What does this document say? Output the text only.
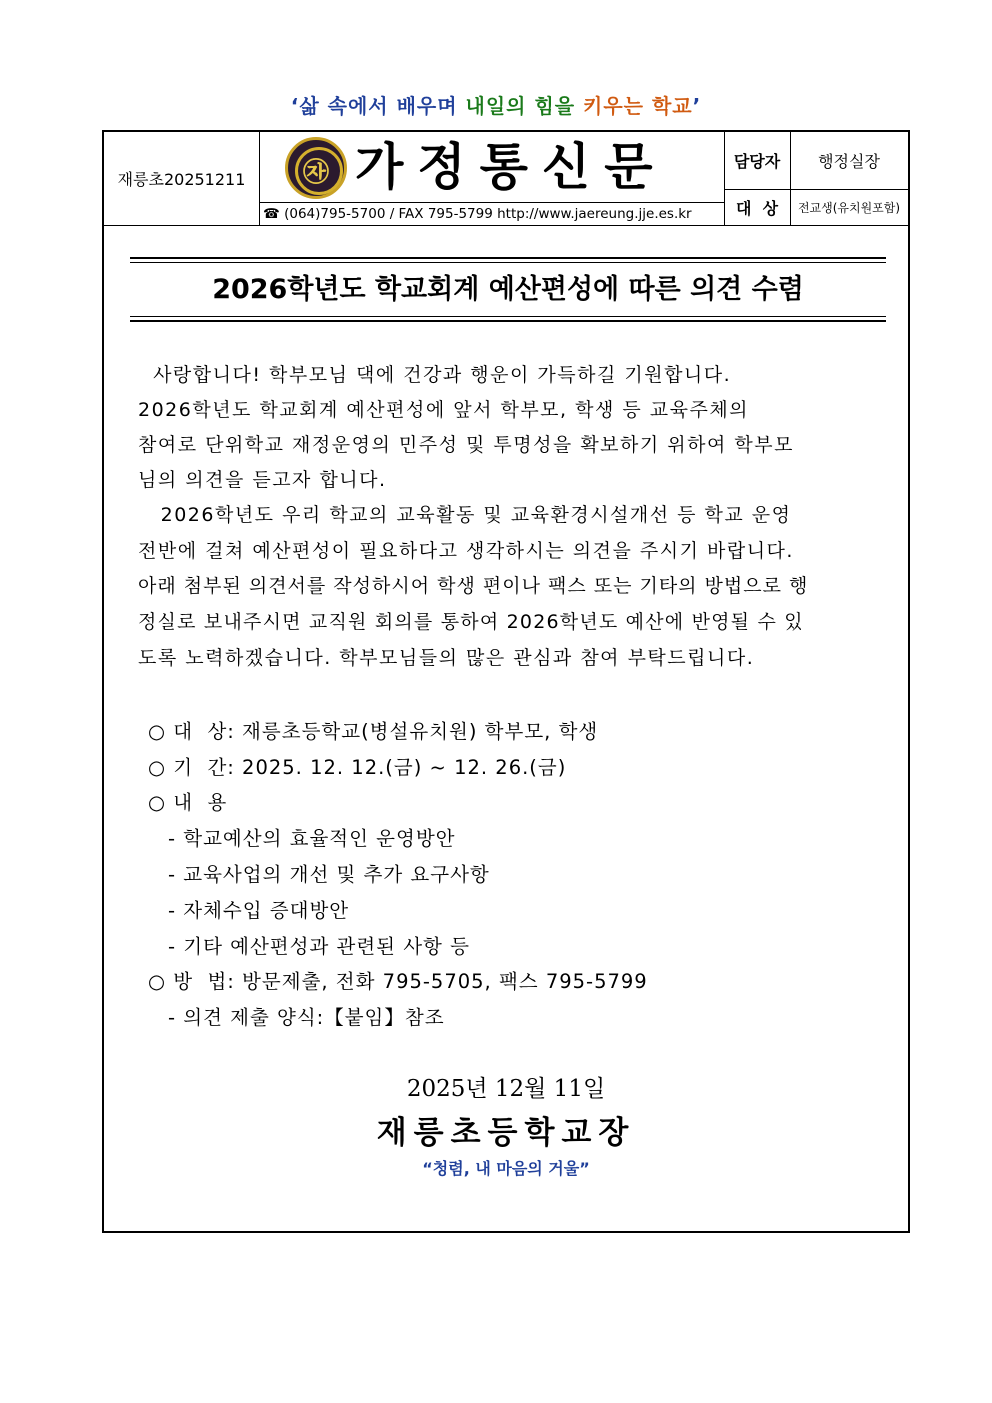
‘삶 속에서 배우며 내일의 힘을 키우는 학교’
재릉초20251211	㉶ 가정통신문
☎ (064)795-5700 / FAX 795-5799 http://www.jaereung.jje.es.kr
담당자	행정실장
대  상	전교생(유치원포함)
2026학년도 학교회계 예산편성에 따른 의견 수렴

사랑합니다! 학부모님 댁에 건강과 행운이 가득하길 기원합니다.

2026학년도 학교회계 예산편성에 앞서 학부모, 학생 등 교육주체의

참여로 단위학교 재정운영의 민주성 및 투명성을 확보하기 위하여 학부모

님의 의견을 듣고자 합니다.

2026학년도 우리 학교의 교육활동 및 교육환경시설개선 등 학교 운영

전반에 걸쳐 예산편성이 필요하다고 생각하시는 의견을 주시기 바랍니다.

아래 첨부된 의견서를 작성하시어 학생 편이나 팩스 또는 기타의 방법으로 행

정실로 보내주시면 교직원 회의를 통하여 2026학년도 예산에 반영될 수 있

도록 노력하겠습니다. 학부모님들의 많은 관심과 참여 부탁드립니다.

○ 대  상: 재릉초등학교(병설유치원) 학부모, 학생

○ 기  간: 2025. 12. 12.(금) ~ 12. 26.(금)

○ 내  용

- 학교예산의 효율적인 운영방안

- 교육사업의 개선 및 추가 요구사항

- 자체수입 증대방안

- 기타 예산편성과 관련된 사항 등

○ 방  법: 방문제출, 전화 795-5705, 팩스 795-5799

- 의견 제출 양식:【붙임】참조

2025년 12월 11일
재릉초등학교장
“청렴, 내 마음의 거울”
